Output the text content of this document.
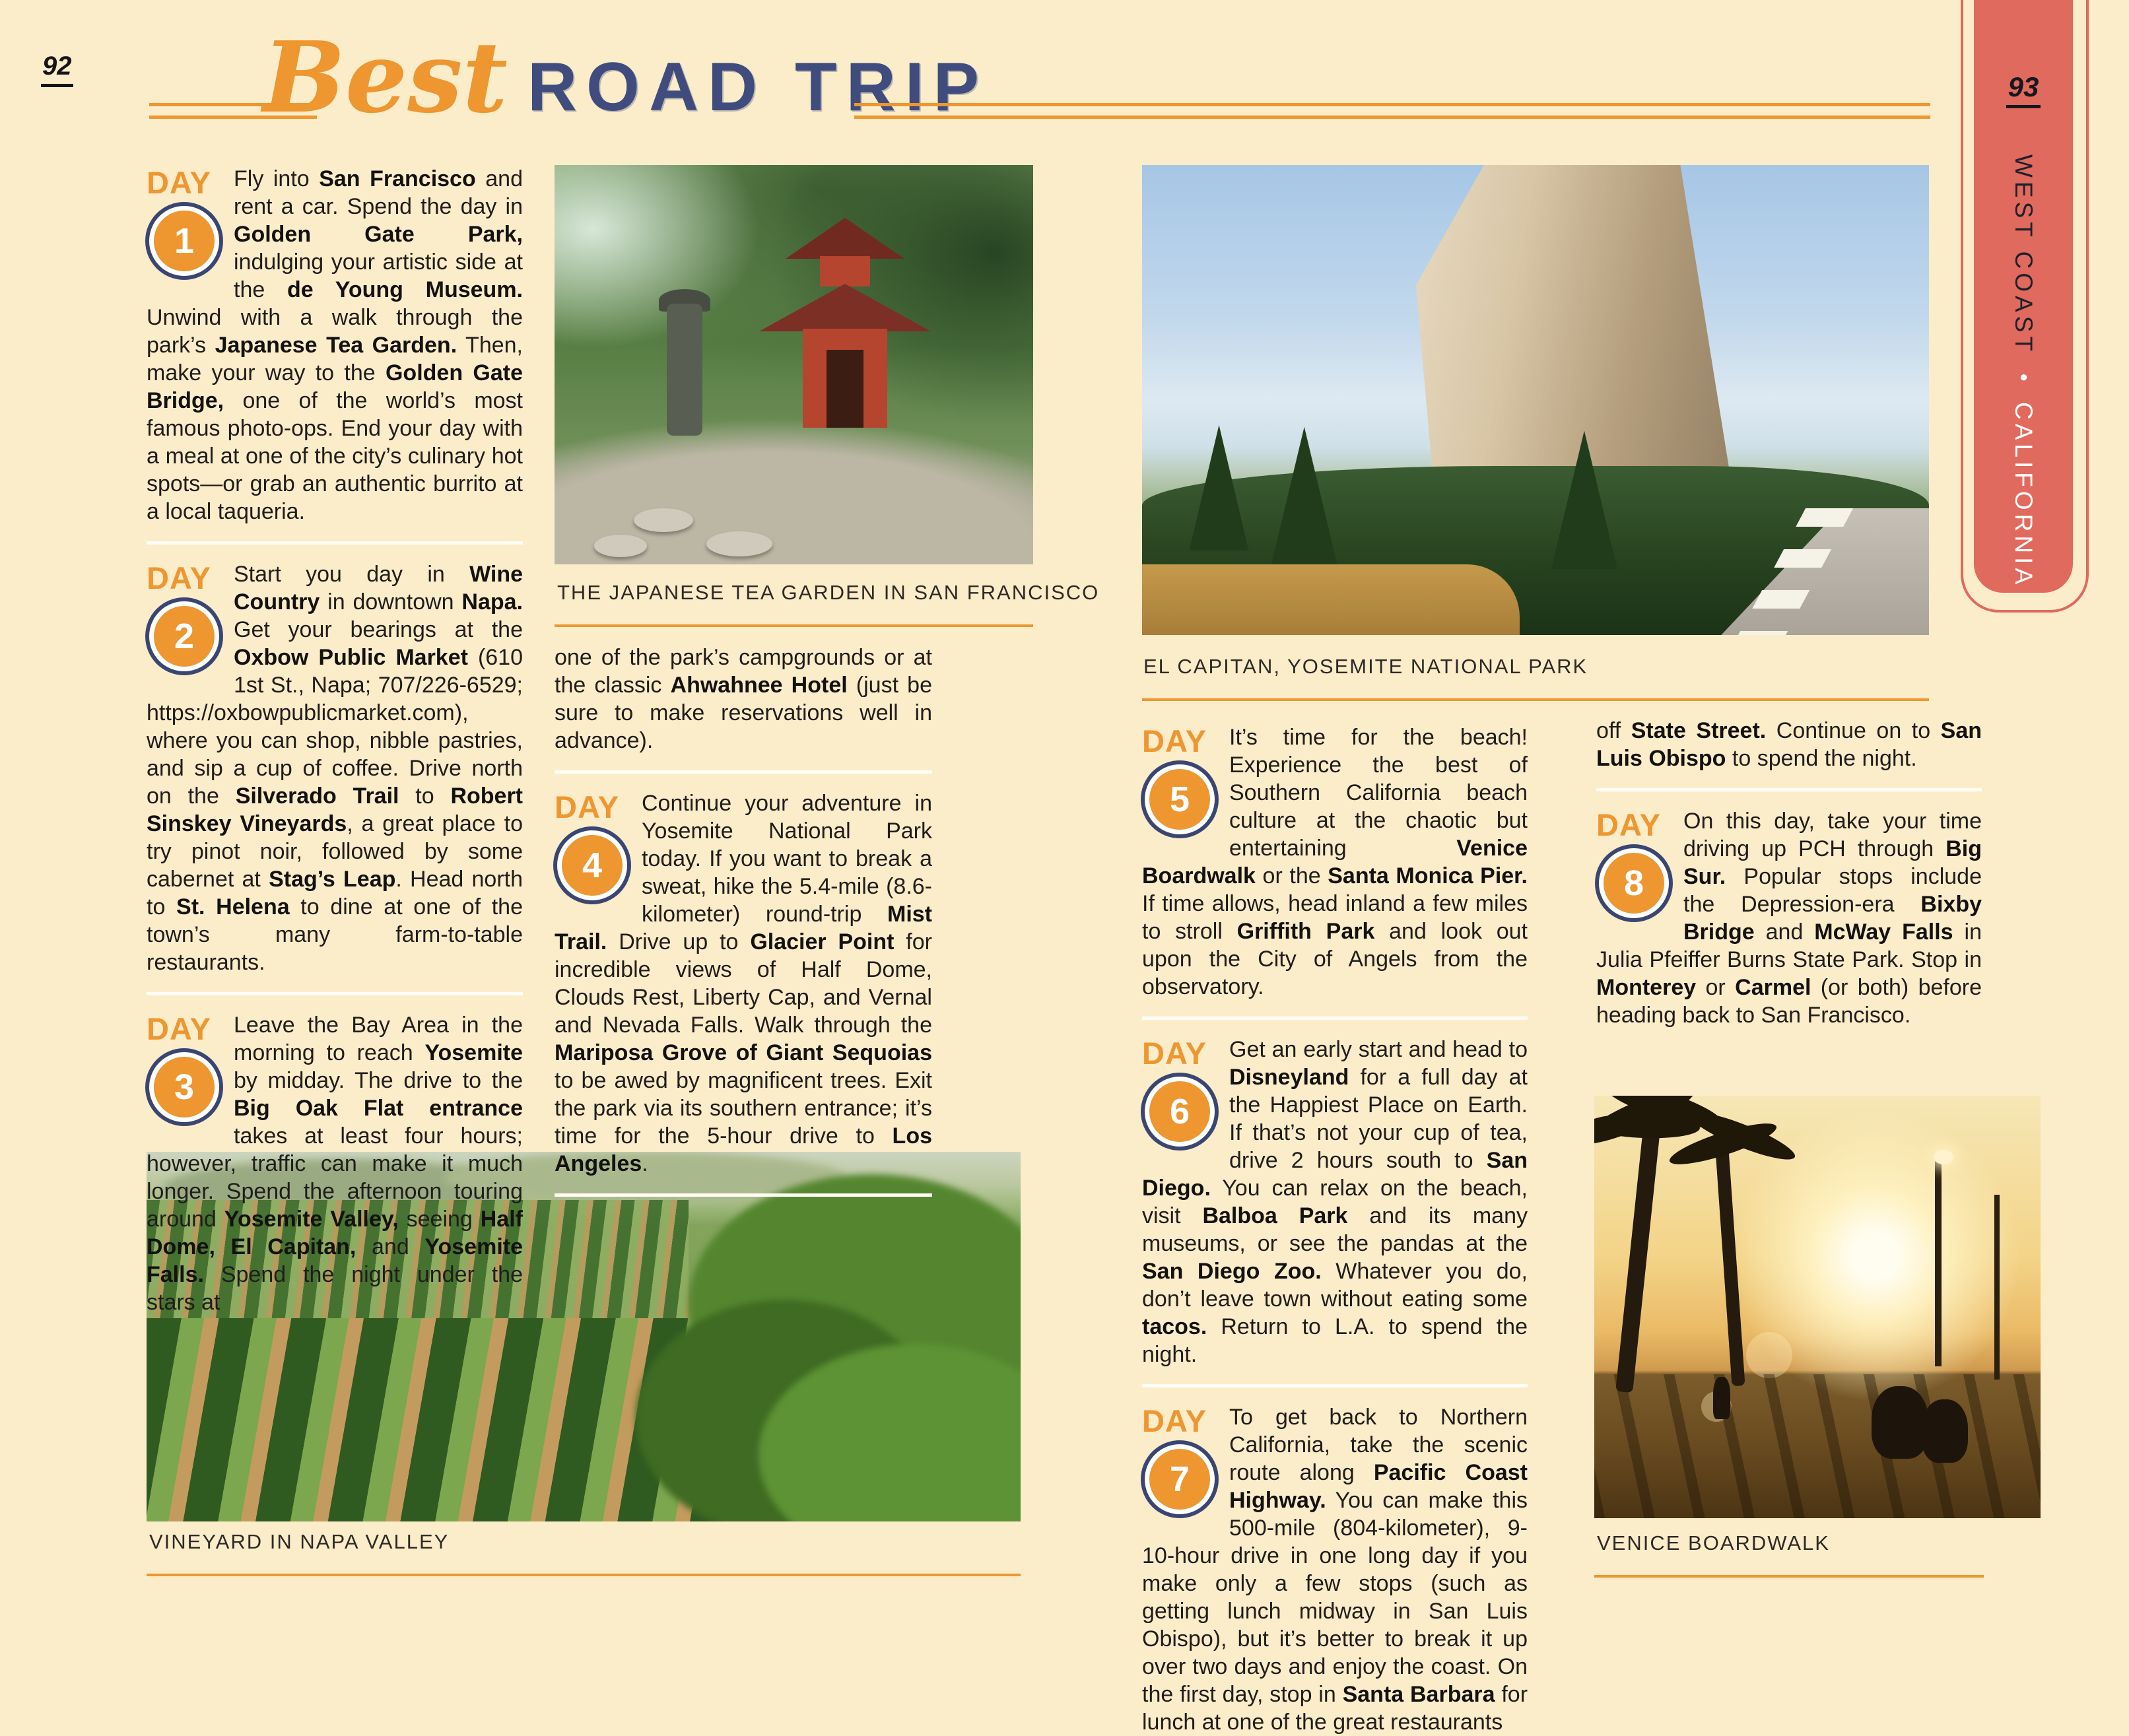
92 Best ROAD TRIP	93
WEST COAST
●
CALIFORNIA
THE JAPANESE TEA GARDEN IN SAN FRANCISCO
EL CAPITAN, YOSEMITE NATIONAL PARK
VINEYARD IN NAPA VALLEY	VENICE BOARDWALK
DAY
1

Fly into San Francisco and rent a car. Spend the day in Golden Gate Park, indulging your artistic side at the de Young Museum. Unwind with a walk through the park’s Japanese Tea Garden. Then, make your way to the Golden Gate Bridge, one of the world’s most famous photo-ops. End your day with a meal at one of the city’s culinary hot spots—or grab an authentic burrito at a local taqueria.

DAY
2

Start you day in Wine Country in downtown Napa. Get your bearings at the Oxbow Public Market (610 1st St., Napa; 707/226-6529; https://oxbowpublicmarket.com), where you can shop, nibble pastries, and sip a cup of coffee. Drive north on the Silverado Trail to Robert Sinskey Vineyards, a great place to try pinot noir, followed by some cabernet at Stag’s Leap. Head north to St. Helena to dine at one of the town’s many farm-to-table restaurants.

DAY
3

Leave the Bay Area in the morning to reach Yosemite by midday. The drive to the Big Oak Flat entrance takes at least four hours; however, traffic can make it much longer. Spend the afternoon touring around Yosemite Valley, seeing Half Dome, El Capitan, and Yosemite Falls. Spend the night under the stars at

one of the park’s campgrounds or at the classic Ahwahnee Hotel (just be sure to make reservations well in advance).

DAY
4

Continue your adventure in Yosemite National Park today. If you want to break a sweat, hike the 5.4-mile (8.6-kilometer) round-trip Mist Trail. Drive up to Glacier Point for incredible views of Half Dome, Clouds Rest, Liberty Cap, and Vernal and Nevada Falls. Walk through the Mariposa Grove of Giant Sequoias to be awed by magnificent trees. Exit the park via its southern entrance; it’s time for the 5-hour drive to Los Angeles.

DAY
5

It’s time for the beach! Experience the best of Southern California beach culture at the chaotic but entertaining Venice Boardwalk or the Santa Monica Pier. If time allows, head inland a few miles to stroll Griffith Park and look out upon the City of Angels from the observatory.

DAY
6

Get an early start and head to Disneyland for a full day at the Happiest Place on Earth. If that’s not your cup of tea, drive 2 hours south to San Diego. You can relax on the beach, visit Balboa Park and its many museums, or see the pandas at the San Diego Zoo. Whatever you do, don’t leave town without eating some tacos. Return to L.A. to spend the night.

DAY
7

To get back to Northern California, take the scenic route along Pacific Coast Highway. You can make this 500-mile (804-kilometer), 9-10-hour drive in one long day if you make only a few stops (such as getting lunch midway in San Luis Obispo), but it’s better to break it up over two days and enjoy the coast. On the first day, stop in Santa Barbara for lunch at one of the great restaurants

off State Street. Continue on to San Luis Obispo to spend the night.

DAY
8

On this day, take your time driving up PCH through Big Sur. Popular stops include the Depression-era Bixby Bridge and McWay Falls in Julia Pfeiffer Burns State Park. Stop in Monterey or Carmel (or both) before heading back to San Francisco.
